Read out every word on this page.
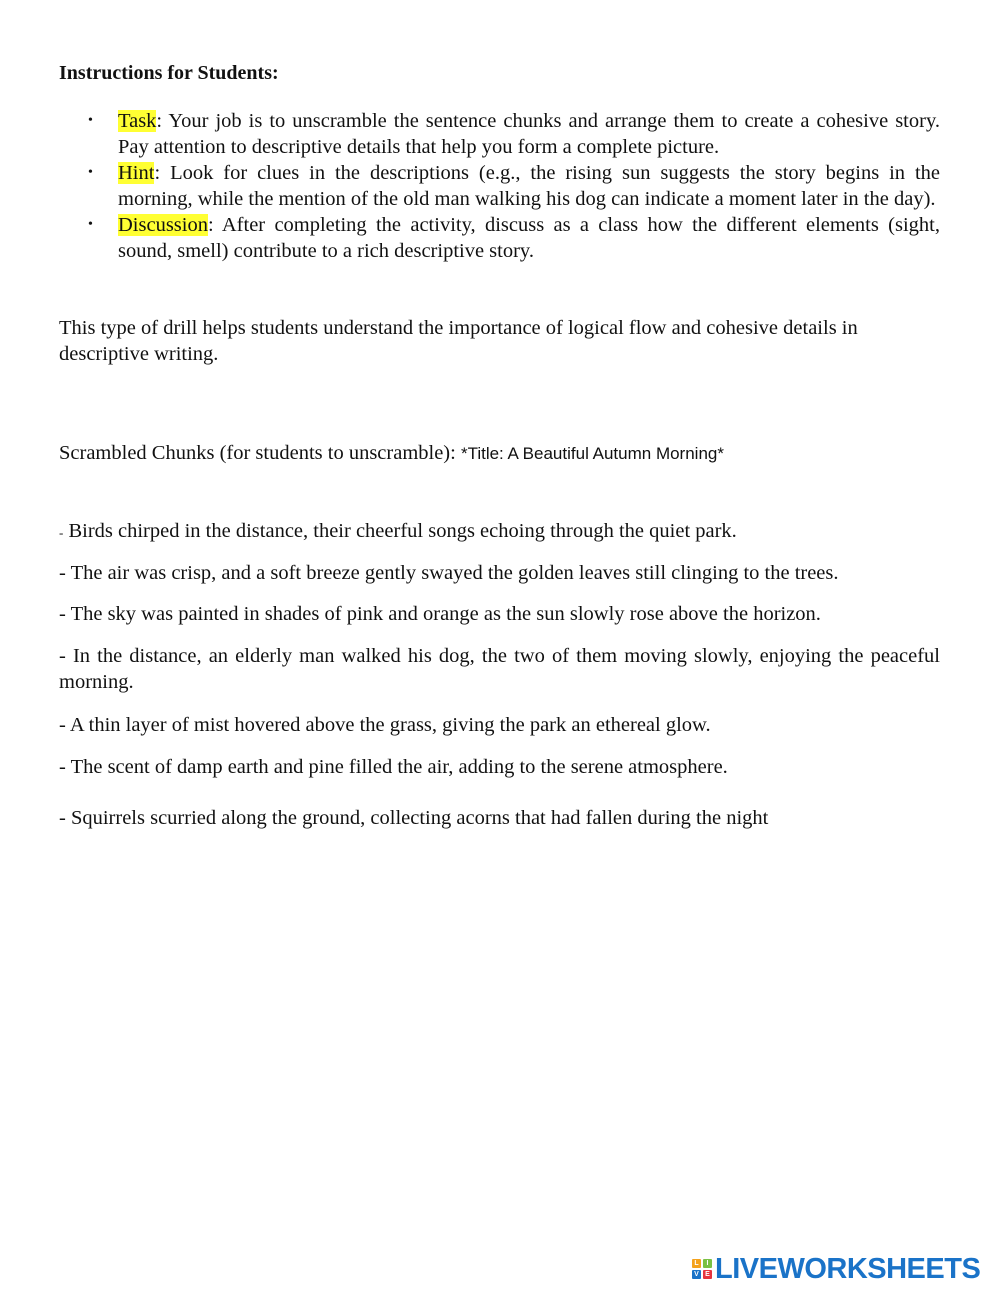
Instructions for Students:
• Task: Your job is to unscramble the sentence chunks and arrange them to create a cohesive story. Pay attention to descriptive details that help you form a complete picture.
• Hint: Look for clues in the descriptions (e.g., the rising sun suggests the story begins in the morning, while the mention of the old man walking his dog can indicate a moment later in the day).
• Discussion: After completing the activity, discuss as a class how the different elements (sight, sound, smell) contribute to a rich descriptive story.

This type of drill helps students understand the importance of logical flow and cohesive details in descriptive writing.

Scrambled Chunks (for students to unscramble): *Title: A Beautiful Autumn Morning*

- Birds chirped in the distance, their cheerful songs echoing through the quiet park.

- The air was crisp, and a soft breeze gently swayed the golden leaves still clinging to the trees.

- The sky was painted in shades of pink and orange as the sun slowly rose above the horizon.

- In the distance, an elderly man walked his dog, the two of them moving slowly, enjoying the peaceful morning.

- A thin layer of mist hovered above the grass, giving the park an ethereal glow.

- The scent of damp earth and pine filled the air, adding to the serene atmosphere.

- Squirrels scurried along the ground, collecting acorns that had fallen during the night

L	I
V E LIVEWORKSHEETS
